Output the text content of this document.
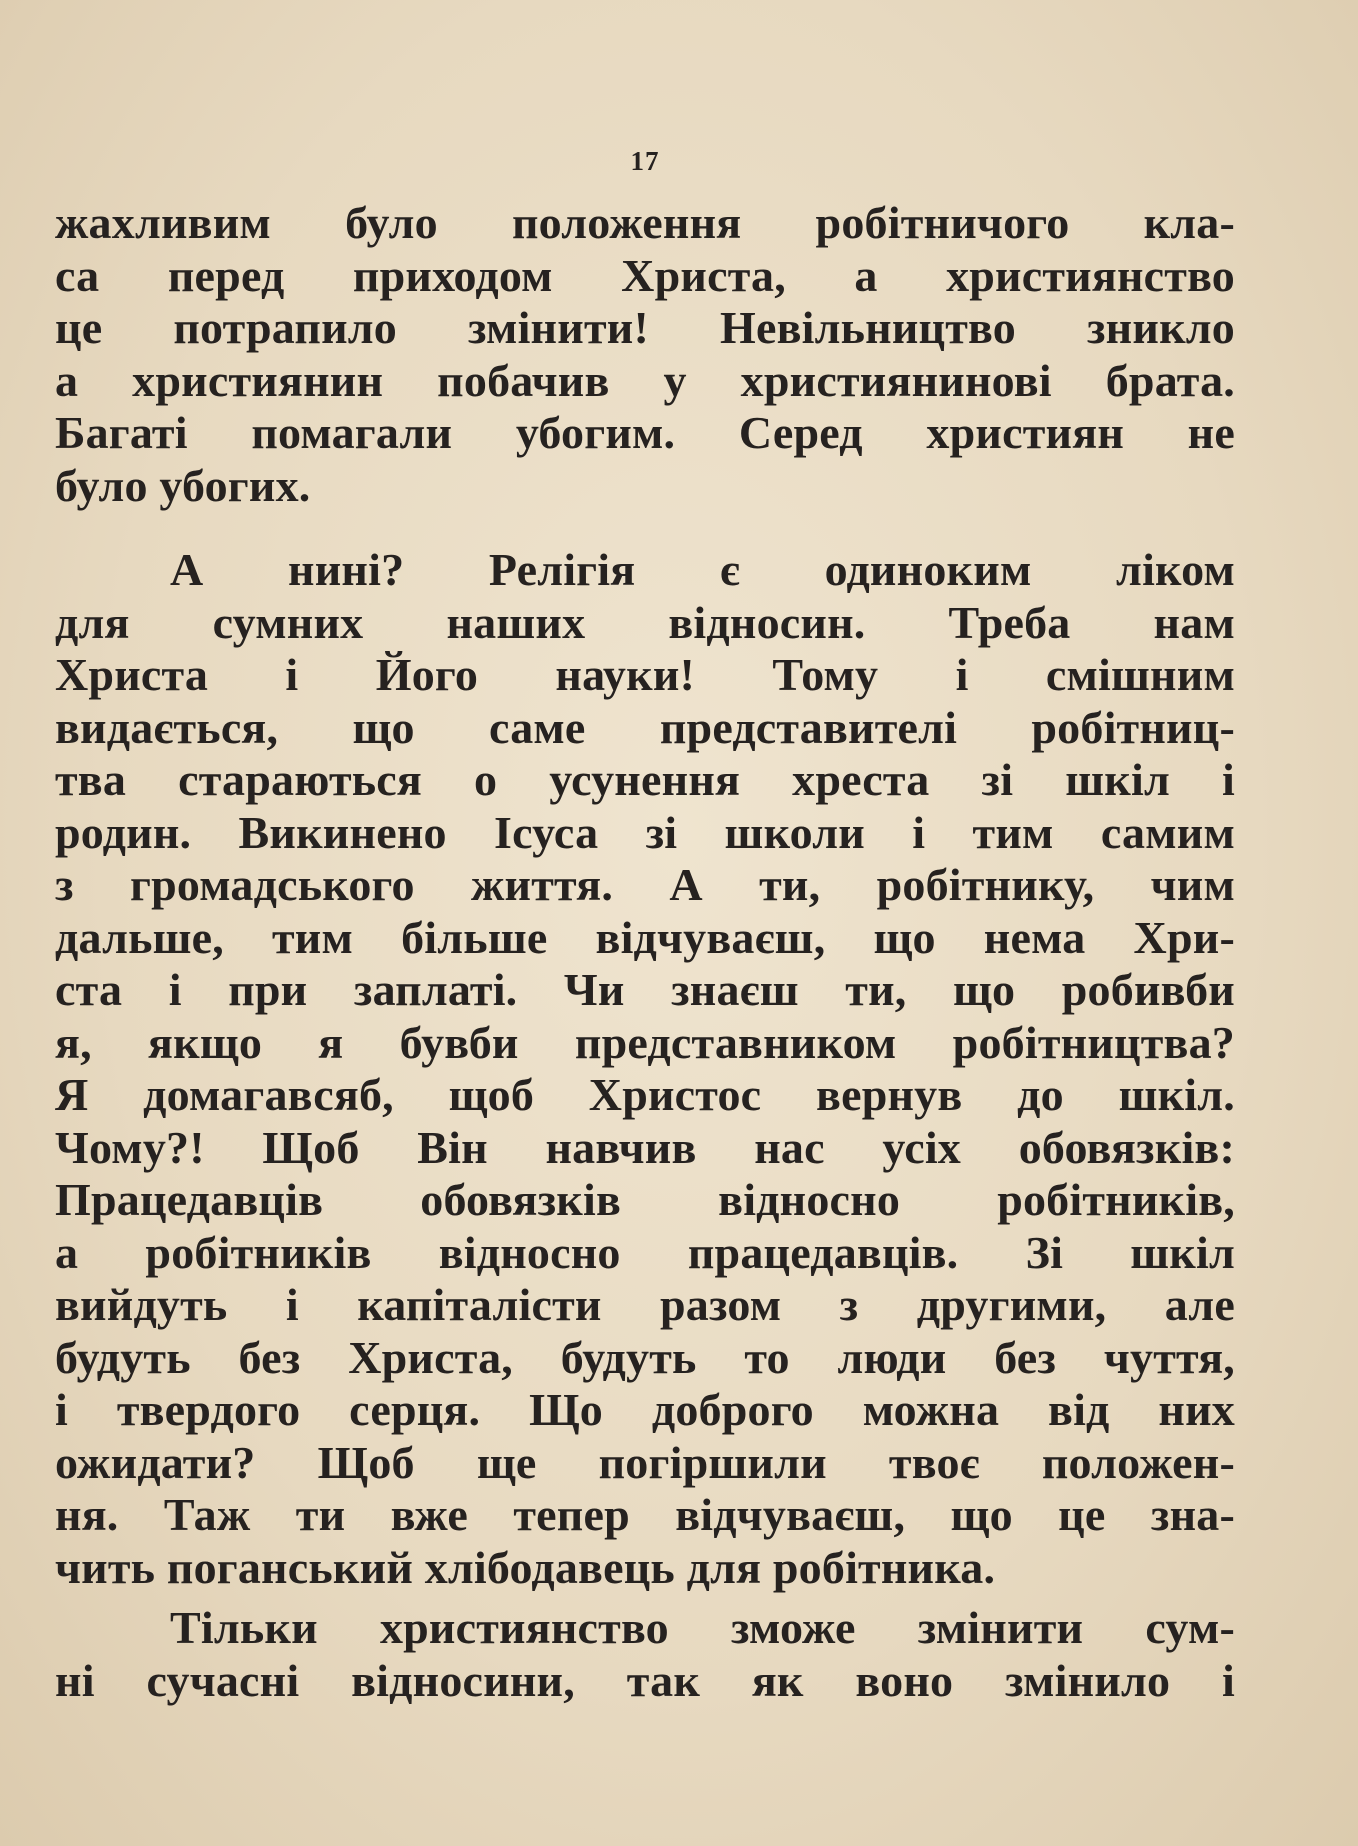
17
жахливим було положення робітничого кла-
са перед приходом Христа, а християнство
це потрапило змінити! Невільництво зникло
а християнин побачив у християнинові брата.
Багаті помагали убогим. Серед християн не
було убогих.
А нині? Релігія є одиноким ліком
для сумних наших відносин. Треба нам
Христа і Його науки! Тому і смішним
видається, що саме представителі робітниц-
тва стараються о усунення хреста зі шкіл і
родин. Викинено Ісуса зі школи і тим самим
з громадського життя. А ти, робітнику, чим
дальше, тим більше відчуваєш, що нема Хри-
ста і при заплаті. Чи знаєш ти, що робивби
я, якщо я бувби представником робітництва?
Я домагавсяб, щоб Христос вернув до шкіл.
Чому?! Щоб Він навчив нас усіх обовязків:
Працедавців обовязків відносно робітників,
а робітників відносно працедавців. Зі шкіл
вийдуть і капіталісти разом з другими, але
будуть без Христа, будуть то люди без чуття,
і твердого серця. Що доброго можна від них
ожидати? Щоб ще погіршили твоє положен-
ня. Таж ти вже тепер відчуваєш, що це зна-
чить поганський хлібодавець для робітника.
Тільки християнство зможе змінити сум-
ні сучасні відносини, так як воно змінило і
